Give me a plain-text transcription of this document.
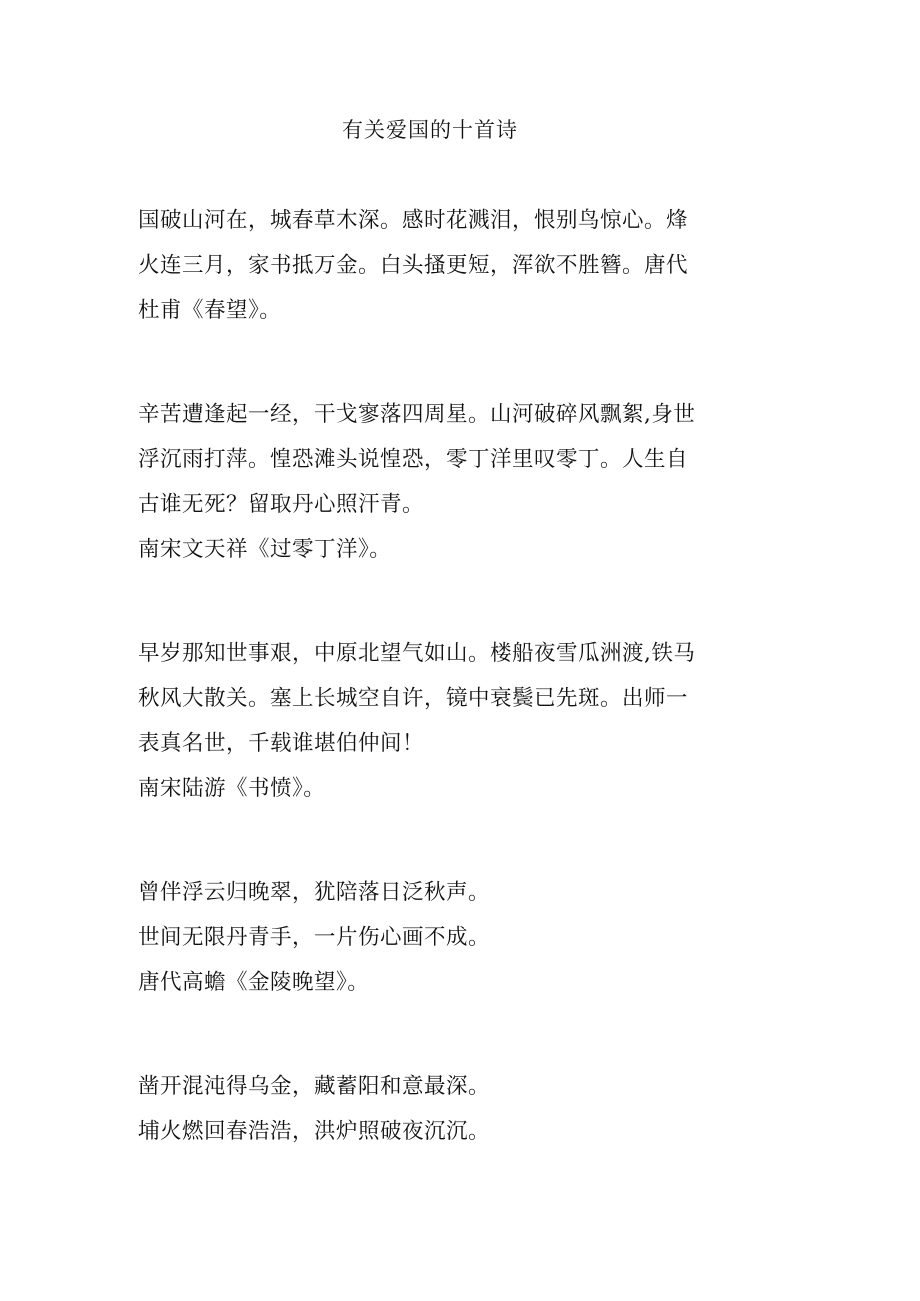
有关爱国的十首诗
国破山河在，城春草木深。感时花溅泪，恨别鸟惊心。烽
火连三月，家书抵万金。白头搔更短，浑欲不胜簪。唐代
杜甫《春望》。
辛苦遭逢起一经，干戈寥落四周星。山河破碎风飘絮,身世
浮沉雨打萍。惶恐滩头说惶恐，零丁洋里叹零丁。人生自
古谁无死？留取丹心照汗青。
南宋文天祥《过零丁洋》。
早岁那知世事艰，中原北望气如山。楼船夜雪瓜洲渡,铁马
秋风大散关。塞上长城空自许，镜中衰鬓已先斑。出师一
表真名世，千载谁堪伯仲间！
南宋陆游《书愤》。
曾伴浮云归晚翠，犹陪落日泛秋声。
世间无限丹青手，一片伤心画不成。
唐代高蟾《金陵晚望》。
凿开混沌得乌金，藏蓄阳和意最深。
埔火燃回春浩浩，洪炉照破夜沉沉。
